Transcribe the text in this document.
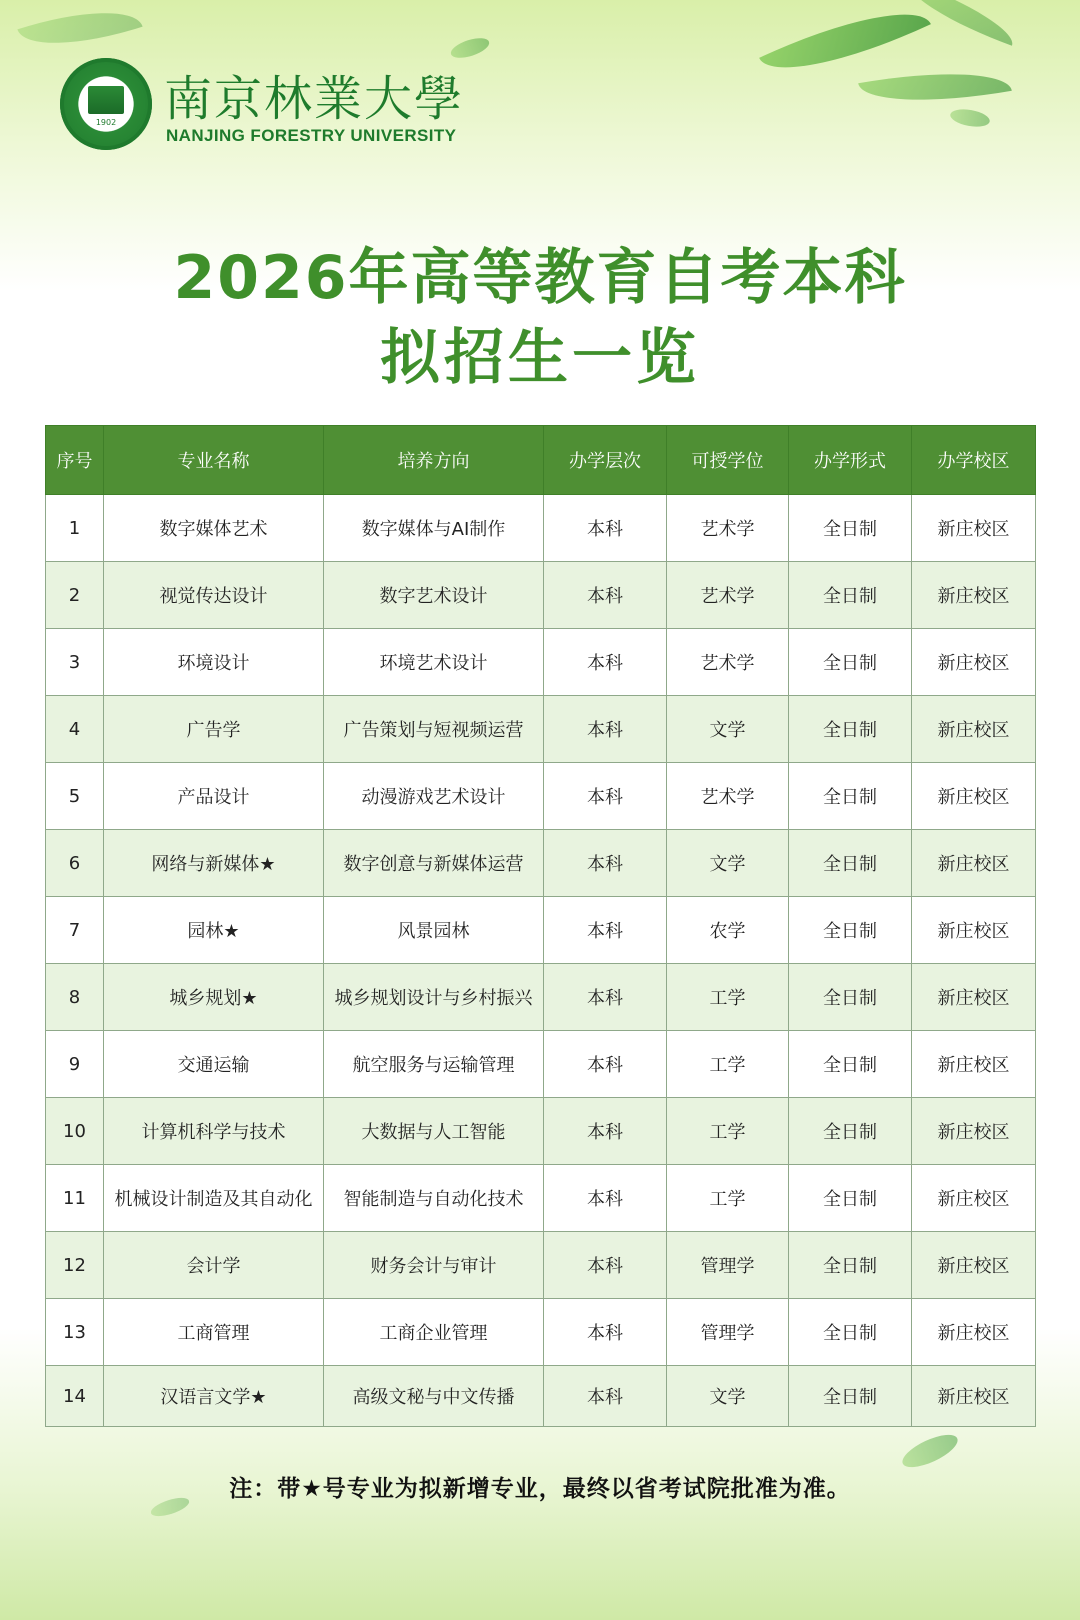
1902 南京林業大學
NANJING FORESTRY UNIVERSITY
2026年高等教育自考本科
拟招生一览
序号	专业名称	培养方向	办学层次	可授学位	办学形式	办学校区
1	数字媒体艺术	数字媒体与AI制作	本科	艺术学	全日制	新庄校区
2	视觉传达设计	数字艺术设计	本科	艺术学	全日制	新庄校区
3	环境设计	环境艺术设计	本科	艺术学	全日制	新庄校区
4	广告学	广告策划与短视频运营	本科	文学	全日制	新庄校区
5	产品设计	动漫游戏艺术设计	本科	艺术学	全日制	新庄校区
6	网络与新媒体★	数字创意与新媒体运营	本科	文学	全日制	新庄校区
7	园林★	风景园林	本科	农学	全日制	新庄校区
8	城乡规划★	城乡规划设计与乡村振兴	本科	工学	全日制	新庄校区
9	交通运输	航空服务与运输管理	本科	工学	全日制	新庄校区
10	计算机科学与技术	大数据与人工智能	本科	工学	全日制	新庄校区
11	机械设计制造及其自动化	智能制造与自动化技术	本科	工学	全日制	新庄校区
12	会计学	财务会计与审计	本科	管理学	全日制	新庄校区
13	工商管理	工商企业管理	本科	管理学	全日制	新庄校区
14	汉语言文学★	高级文秘与中文传播	本科	文学	全日制	新庄校区
注：带★号专业为拟新增专业，最终以省考试院批准为准。
